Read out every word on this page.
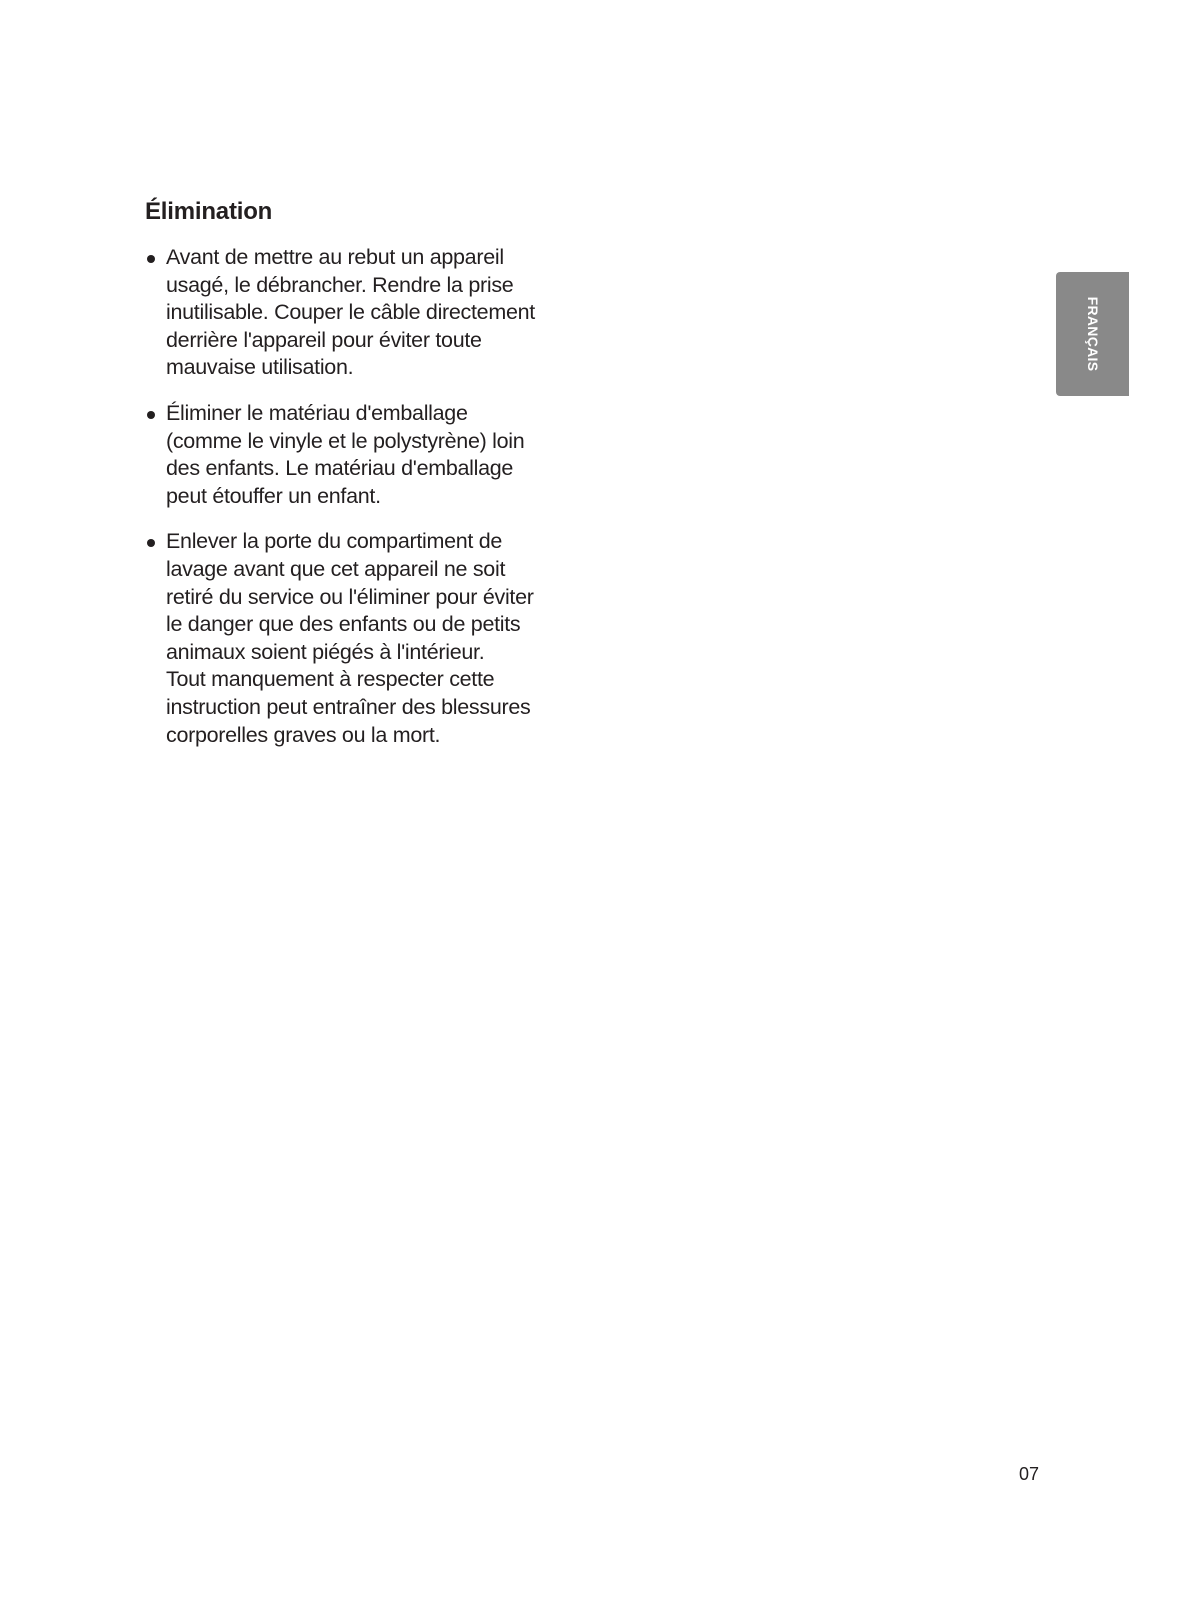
Élimination
Avant de mettre au rebut un appareil
usagé, le débrancher. Rendre la prise
inutilisable. Couper le câble directement
derrière l'appareil pour éviter toute
mauvaise utilisation.
Éliminer le matériau d'emballage
(comme le vinyle et le polystyrène) loin
des enfants. Le matériau d'emballage
peut étouffer un enfant.
Enlever la porte du compartiment de
lavage avant que cet appareil ne soit
retiré du service ou l'éliminer pour éviter
le danger que des enfants ou de petits
animaux soient piégés à l'intérieur.
Tout manquement à respecter cette
instruction peut entraîner des blessures
corporelles graves ou la mort.
FRANÇAIS
07
